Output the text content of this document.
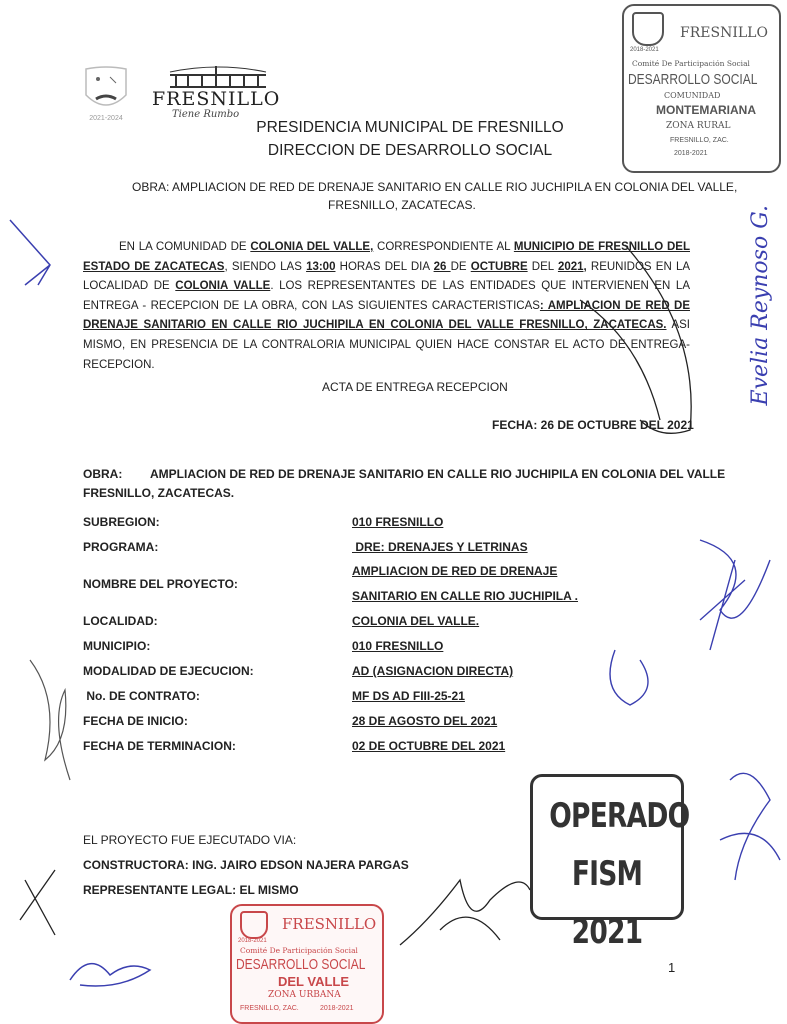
2021-2024
FRESNILLO
Tiene Rumbo
PRESIDENCIA MUNICIPAL DE FRESNILLO
DIRECCION DE DESARROLLO SOCIAL
OBRA: AMPLIACION DE RED DE DRENAJE SANITARIO EN CALLE RIO JUCHIPILA EN COLONIA DEL VALLE,
FRESNILLO, ZACATECAS.
EN LA COMUNIDAD DE COLONIA DEL VALLE, CORRESPONDIENTE AL MUNICIPIO DE FRESNILLO DEL ESTADO DE ZACATECAS, SIENDO LAS 13:00 HORAS DEL DIA 26 DE OCTUBRE DEL 2021, REUNIDOS EN LA LOCALIDAD DE COLONIA VALLE. LOS REPRESENTANTES DE LAS ENTIDADES QUE INTERVIENEN EN LA ENTREGA - RECEPCION DE LA OBRA, CON LAS SIGUIENTES CARACTERISTICAS: AMPLIACION DE RED DE DRENAJE SANITARIO EN CALLE RIO JUCHIPILA EN COLONIA DEL VALLE FRESNILLO, ZACATECAS. ASI MISMO, EN PRESENCIA DE LA CONTRALORIA MUNICIPAL QUIEN HACE CONSTAR EL ACTO DE ENTREGA-RECEPCION.
ACTA DE ENTREGA RECEPCION
FECHA: 26 DE OCTUBRE DEL 2021
OBRA: AMPLIACION DE RED DE DRENAJE SANITARIO EN CALLE RIO JUCHIPILA EN COLONIA DEL VALLE
FRESNILLO, ZACATECAS.
SUBREGION:	010 FRESNILLO
PROGRAMA:	DRE: DRENAJES Y LETRINAS
NOMBRE DEL PROYECTO:
AMPLIACION DE RED DE DRENAJE
SANITARIO EN CALLE RIO JUCHIPILA .
LOCALIDAD:	COLONIA DEL VALLE.
MUNICIPIO:	010 FRESNILLO
MODALIDAD DE EJECUCION:	AD (ASIGNACION DIRECTA)
No. DE CONTRATO:	MF DS AD FIII-25-21
FECHA DE INICIO:	28 DE AGOSTO DEL 2021
FECHA DE TERMINACION:	02 DE OCTUBRE DEL 2021
EL PROYECTO FUE EJECUTADO VIA:
CONSTRUCTORA: ING. JAIRO EDSON NAJERA PARGAS
REPRESENTANTE LEGAL: EL MISMO
1
2018-2021
FRESNILLO
Comité De Participación Social
DESARROLLO SOCIAL
COMUNIDAD
MONTEMARIANA
ZONA RURAL
FRESNILLO, ZAC.
2018-2021
2018-2021
FRESNILLO
Comité De Participación Social
DESARROLLO SOCIAL
DEL VALLE
ZONA URBANA
FRESNILLO, ZAC.	2018-2021
OPERADO
FISM 2021
Evelia Reynoso G.
